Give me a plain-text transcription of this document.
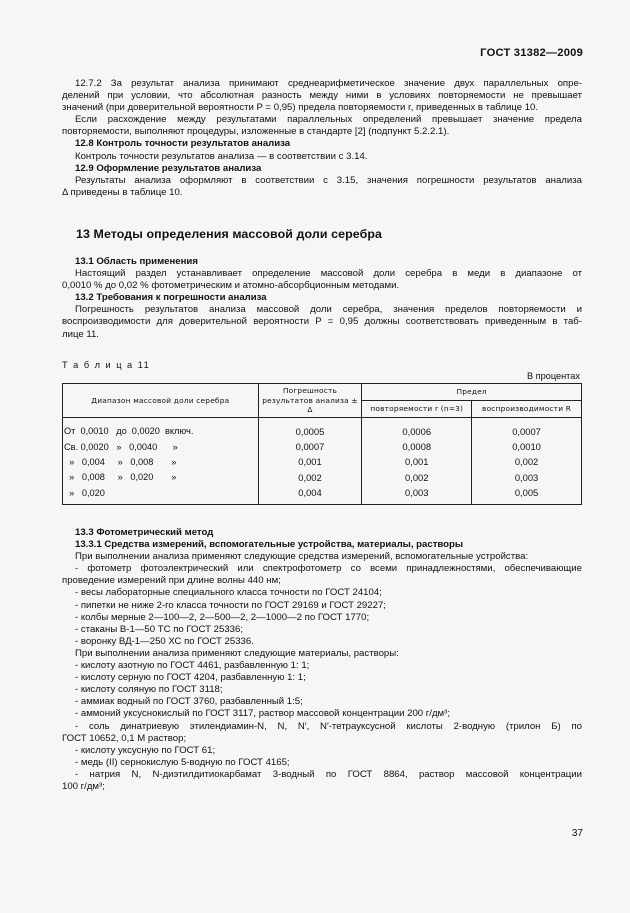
ГОСТ 31382—2009
12.7.2 За результат анализа принимают среднеарифметическое значение двух параллельных опре-
делений при условии, что абсолютная разность между ними в условиях повторяемости не превышает
значений (при доверительной вероятности P = 0,95) предела повторяемости r, приведенных в таблице 10.
Если расхождение между результатами параллельных определений превышает значение предела
повторяемости, выполняют процедуры, изложенные в стандарте [2] (подпункт 5.2.2.1).
12.8 Контроль точности результатов анализа
Контроль точности результатов анализа — в соответствии с 3.14.
12.9 Оформление результатов анализа
Результаты анализа оформляют в соответствии с 3.15, значения погрешности результатов анализа
Δ приведены в таблице 10.
13 Методы определения массовой доли серебра
13.1 Область применения
Настоящий раздел устанавливает определение массовой доли серебра в меди в диапазоне от
0,0010 % до 0,02 % фотометрическим и атомно-абсорбционным методами.
13.2 Требования к погрешности анализа
Погрешность результатов анализа массовой доли серебра, значения пределов повторяемости и
воспроизводимости для доверительной вероятности P = 0,95 должны соответствовать приведенным в таб-
лице 11.
Т а б л и ц а 11
В процентах
Диапазон массовой доли серебра	Погрешность результатов анализа ± Δ	Предел	
		повторяемости r (n=3)	воспроизводимости R
От  0,0010   до  0,0020  включ.	0,0005	0,0006	0,0007
Св. 0,0020   »   0,0040      »	0,0007	0,0008	0,0010
»   0,004     »   0,008       »	0,001	0,001	0,002
»   0,008     »   0,020       »	0,002	0,002	0,003
»   0,020	0,004	0,003	0,005
13.3 Фотометрический метод
13.3.1 Средства измерений, вспомогательные устройства, материалы, растворы
При выполнении анализа применяют следующие средства измерений, вспомогательные устройства:
- фотометр фотоэлектрический или спектрофотометр со всеми принадлежностями, обеспечивающие
проведение измерений при длине волны 440 нм;
- весы лабораторные специального класса точности по ГОСТ 24104;
- пипетки не ниже 2-го класса точности по ГОСТ 29169 и ГОСТ 29227;
- колбы мерные 2—100—2, 2—500—2, 2—1000—2 по ГОСТ 1770;
- стаканы В-1—50 ТС по ГОСТ 25336;
- воронку ВД-1—250 ХС по ГОСТ 25336.
При выполнении анализа применяют следующие материалы, растворы:
- кислоту азотную по ГОСТ 4461, разбавленную 1: 1;
- кислоту серную по ГОСТ 4204, разбавленную 1: 1;
- кислоту соляную по ГОСТ 3118;
- аммиак водный по ГОСТ 3760, разбавленный 1:5;
- аммоний уксуснокислый по ГОСТ 3117, раствор массовой концентрации 200 г/дм³;
- соль динатриевую этилендиамин-N, N, N′, N′-тетрауксусной кислоты 2-водную (трилон Б) по
ГОСТ 10652, 0,1 М раствор;
- кислоту уксусную по ГОСТ 61;
- медь (II) сернокислую 5-водную по ГОСТ 4165;
- натрия N, N-диэтилдитиокарбамат 3-водный по ГОСТ 8864, раствор массовой концентрации
100 г/дм³;
37
